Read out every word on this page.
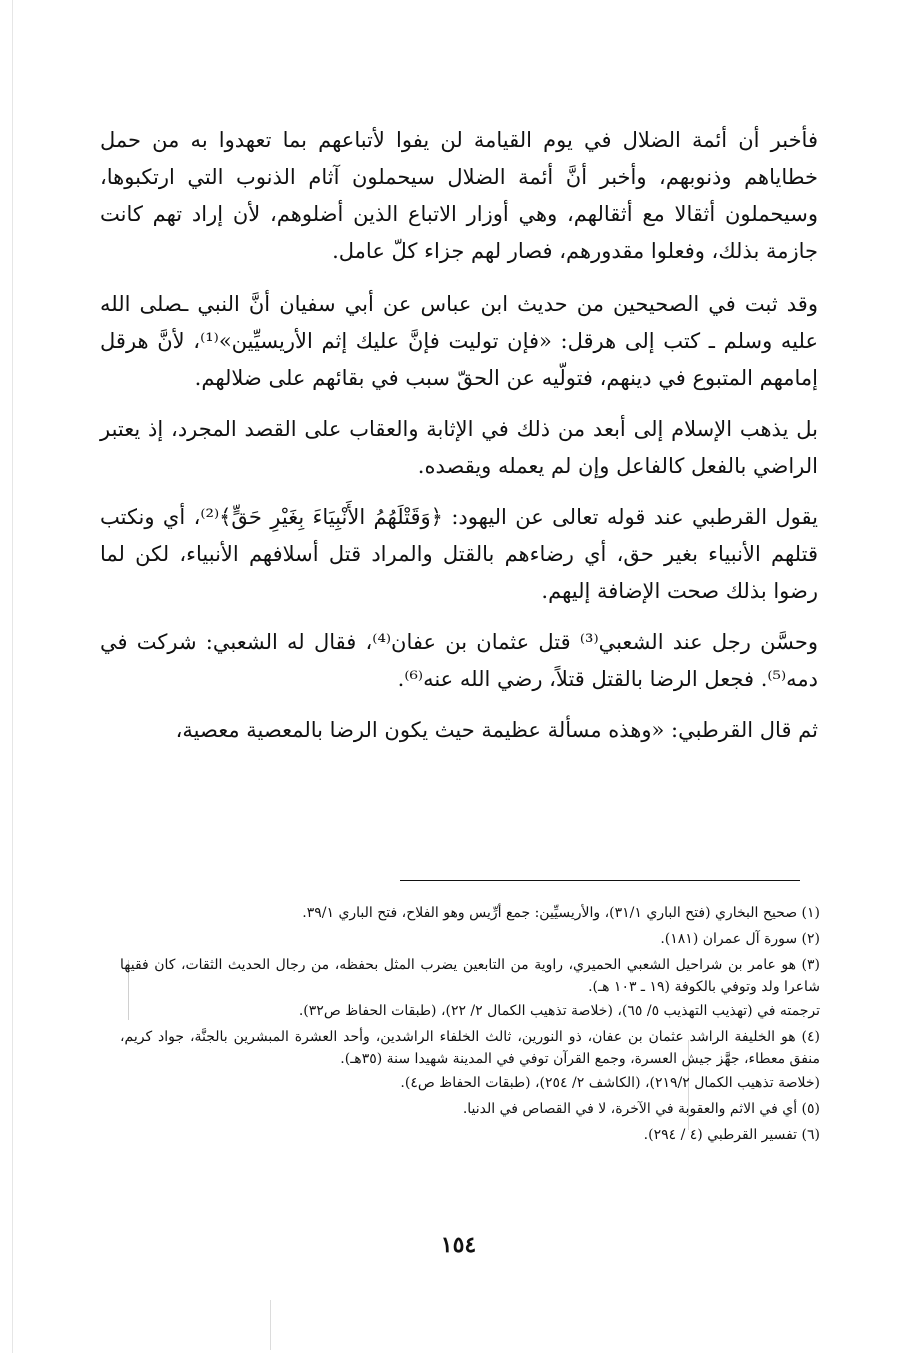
فأخبر أن أئمة الضلال في يوم القيامة لن يفوا لأتباعهم بما تعهدوا به من حمل خطاياهم وذنوبهم، وأخبر أنَّ أئمة الضلال سيحملون آثام الذنوب التي ارتكبوها، وسيحملون أثقالا مع أثقالهم، وهي أوزار الاتباع الذين أضلوهم، لأن إراد تهم كانت جازمة بذلك، وفعلوا مقدورهم، فصار لهم جزاء كلّ عامل.

وقد ثبت في الصحيحين من حديث ابن عباس عن أبي سفيان أنَّ النبي ـصلى الله عليه وسلم ـ كتب إلى هرقل: «فإن توليت فإنَّ عليك إثم الأريسيِّين»⁽¹⁾، لأنَّ هرقل إمامهم المتبوع في دينهم، فتولّيه عن الحقّ سبب في بقائهم على ضلالهم.

بل يذهب الإسلام إلى أبعد من ذلك في الإثابة والعقاب على القصد المجرد، إذ يعتبر الراضي بالفعل كالفاعل وإن لم يعمله ويقصده.

يقول القرطبي عند قوله تعالى عن اليهود: ﴿وَقَتْلَهُمُ الأَنْبِيَاءَ بِغَيْرِ حَقٍّ﴾⁽²⁾، أي ونكتب قتلهم الأنبياء بغير حق، أي رضاءهم بالقتل والمراد قتل أسلافهم الأنبياء، لكن لما رضوا بذلك صحت الإضافة إليهم.

وحسَّن رجل عند الشعبي⁽³⁾ قتل عثمان بن عفان⁽⁴⁾، فقال له الشعبي: شركت في دمه⁽⁵⁾. فجعل الرضا بالقتل قتلاً، رضي الله عنه⁽⁶⁾.

ثم قال القرطبي: «وهذه مسألة عظيمة حيث يكون الرضا بالمعصية معصية،

(١) صحيح البخاري (فتح الباري ٣١/١)، والأريسيِّين: جمع أرِّيس وهو الفلاح، فتح الباري ٣٩/١.

(٢) سورة آل عمران (١٨١).

(٣) هو عامر بن شراحيل الشعبي الحميري، راوية من التابعين يضرب المثل بحفظه، من رجال الحديث الثقات، كان فقيها شاعرا ولد وتوفي بالكوفة (١٩ ـ ١٠٣ هـ).

ترجمته في (تهذيب التهذيب ٥/ ٦٥)، (خلاصة تذهيب الكمال ٢/ ٢٢)، (طبقات الحفاظ ص٣٢).

(٤) هو الخليفة الراشد عثمان بن عفان، ذو النورين، ثالث الخلفاء الراشدين، وأحد العشرة المبشرين بالجنَّة، جواد كريم، منفق معطاء، جهَّز جيش العسرة، وجمع القرآن توفي في المدينة شهيدا سنة (٣٥هـ).

(خلاصة تذهيب الكمال ٢١٩/٢)، (الكاشف ٢/ ٢٥٤)، (طبقات الحفاظ ص٤).

(٥) أي في الاثم والعقوبة في الآخرة، لا في القصاص في الدنيا.

(٦) تفسير القرطبي (٤ / ٢٩٤).

١٥٤
